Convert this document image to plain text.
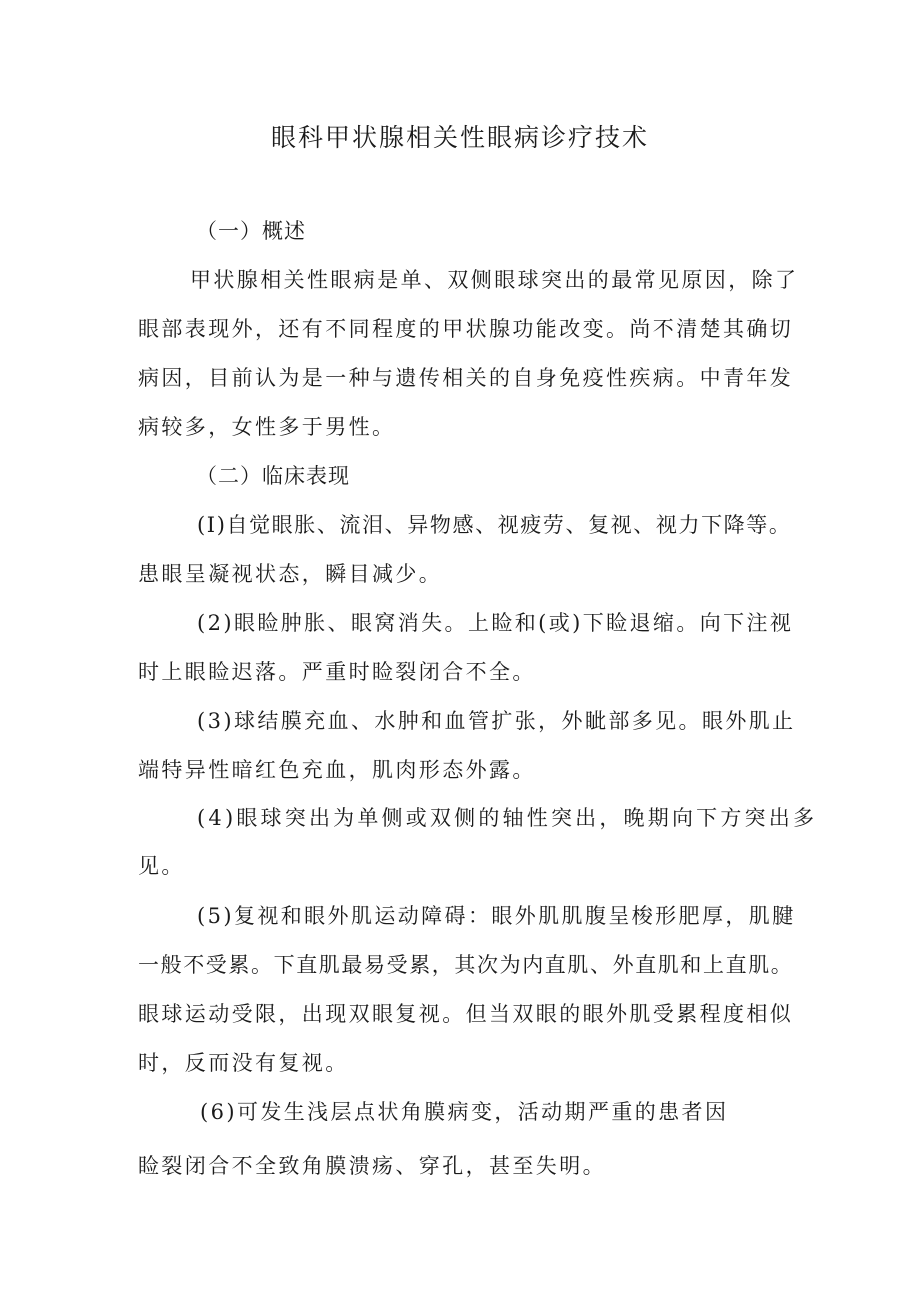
眼科甲状腺相关性眼病诊疗技术
（一）概述
甲状腺相关性眼病是单、双侧眼球突出的最常见原因，除了
眼部表现外，还有不同程度的甲状腺功能改变。尚不清楚其确切
病因，目前认为是一种与遗传相关的自身免疫性疾病。中青年发
病较多，女性多于男性。
（二）临床表现
(I)自觉眼胀、流泪、异物感、视疲劳、复视、视力下降等。
患眼呈凝视状态，瞬目减少。
(2)眼睑肿胀、眼窝消失。上睑和(或)下睑退缩。向下注视
时上眼睑迟落。严重时睑裂闭合不全。
(3)球结膜充血、水肿和血管扩张，外眦部多见。眼外肌止
端特异性暗红色充血，肌肉形态外露。
(4)眼球突出为单侧或双侧的轴性突出，晚期向下方突出多
见。
(5)复视和眼外肌运动障碍：眼外肌肌腹呈梭形肥厚，肌腱
一般不受累。下直肌最易受累，其次为内直肌、外直肌和上直肌。
眼球运动受限，出现双眼复视。但当双眼的眼外肌受累程度相似
时，反而没有复视。
(6)可发生浅层点状角膜病变，活动期严重的患者因
睑裂闭合不全致角膜溃疡、穿孔，甚至失明。
